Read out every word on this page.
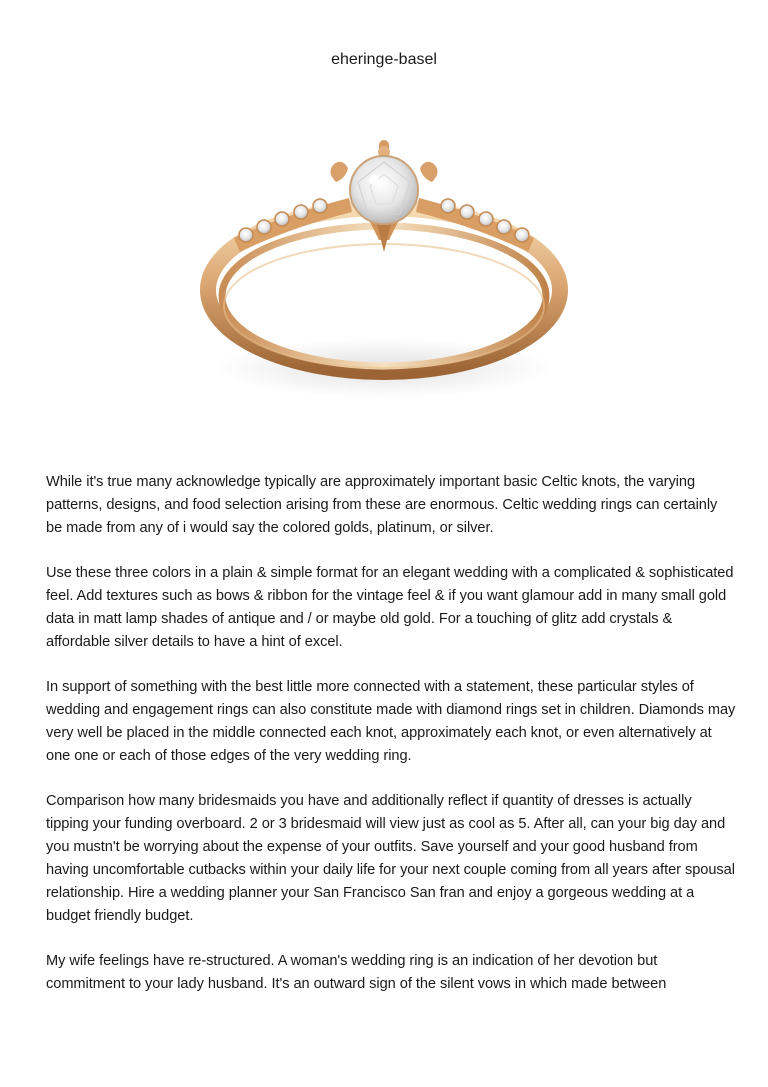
eheringe-basel

While it's true many acknowledge typically are approximately important basic Celtic knots, the varying patterns, designs, and food selection arising from these are enormous. Celtic wedding rings can certainly be made from any of i would say the colored golds, platinum, or silver.

Use these three colors in a plain & simple format for an elegant wedding with a complicated & sophisticated feel. Add textures such as bows & ribbon for the vintage feel & if you want glamour add in many small gold data in matt lamp shades of antique and / or maybe old gold. For a touching of glitz add crystals & affordable silver details to have a hint of excel.

In support of something with the best little more connected with a statement, these particular styles of wedding and engagement rings can also constitute made with diamond rings set in children. Diamonds may very well be placed in the middle connected each knot, approximately each knot, or even alternatively at one one or each of those edges of the very wedding ring.

Comparison how many bridesmaids you have and additionally reflect if quantity of dresses is actually tipping your funding overboard. 2 or 3 bridesmaid will view just as cool as 5. After all, can your big day and you mustn't be worrying about the expense of your outfits. Save yourself and your good husband from having uncomfortable cutbacks within your daily life for your next couple coming from all years after spousal relationship. Hire a wedding planner your San Francisco San fran and enjoy a gorgeous wedding at a budget friendly budget.

My wife feelings have re-structured. A woman's wedding ring is an indication of her devotion but commitment to your lady husband. It's an outward sign of the silent vows in which made between
